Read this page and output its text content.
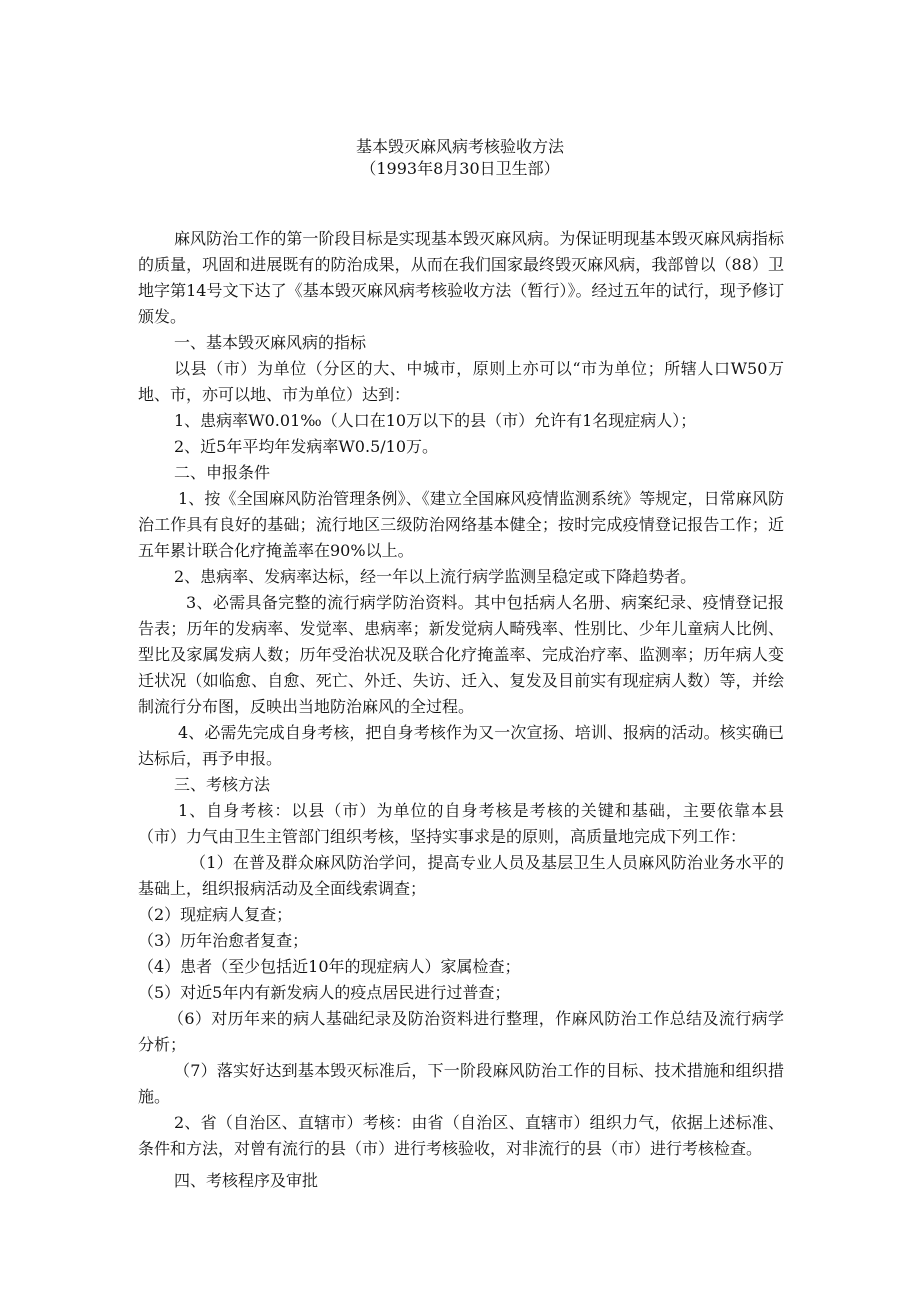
基本毁灭麻风病考核验收方法
（1993年8月30日卫生部）

麻风防治工作的第一阶段目标是实现基本毁灭麻风病。为保证明现基本毁灭麻风病指标的质量，巩固和进展既有的防治成果，从而在我们国家最终毁灭麻风病，我部曾以（88）卫地字第14号文下达了《基本毁灭麻风病考核验收方法（暂行）》。经过五年的试行，现予修订颁发。

一、基本毁灭麻风病的指标

以县（市）为单位（分区的大、中城市，原则上亦可以“市为单位；所辖人口W50万地、市，亦可以地、市为单位）达到：

1、患病率W0.01‰（人口在10万以下的县（市）允许有1名现症病人）；

2、近5年平均年发病率W0.5/10万。

二、申报条件

1、按《全国麻风防治管理条例》、《建立全国麻风疫情监测系统》等规定，日常麻风防治工作具有良好的基础；流行地区三级防治网络基本健全；按时完成疫情登记报告工作；近五年累计联合化疗掩盖率在90%以上。

2、患病率、发病率达标，经一年以上流行病学监测呈稳定或下降趋势者。

3、必需具备完整的流行病学防治资料。其中包括病人名册、病案纪录、疫情登记报告表；历年的发病率、发觉率、患病率；新发觉病人畸残率、性别比、少年儿童病人比例、型比及家属发病人数；历年受治状况及联合化疗掩盖率、完成治疗率、监测率；历年病人变迁状况（如临愈、自愈、死亡、外迁、失访、迁入、复发及目前实有现症病人数）等，并绘制流行分布图，反映出当地防治麻风的全过程。

4、必需先完成自身考核，把自身考核作为又一次宣扬、培训、报病的活动。核实确已达标后，再予申报。

三、考核方法

1、自身考核：以县（市）为单位的自身考核是考核的关键和基础，主要依靠本县（市）力气由卫生主管部门组织考核，坚持实事求是的原则，高质量地完成下列工作：

（1）在普及群众麻风防治学问，提高专业人员及基层卫生人员麻风防治业务水平的基础上，组织报病活动及全面线索调查；

（2）现症病人复查；

（3）历年治愈者复查；

（4）患者（至少包括近10年的现症病人）家属检查；

（5）对近5年内有新发病人的疫点居民进行过普查；

（6）对历年来的病人基础纪录及防治资料进行整理，作麻风防治工作总结及流行病学分析；

（7）落实好达到基本毁灭标准后，下一阶段麻风防治工作的目标、技术措施和组织措施。

2、省（自治区、直辖市）考核：由省（自治区、直辖市）组织力气，依据上述标准、条件和方法，对曾有流行的县（市）进行考核验收，对非流行的县（市）进行考核检查。

四、考核程序及审批
